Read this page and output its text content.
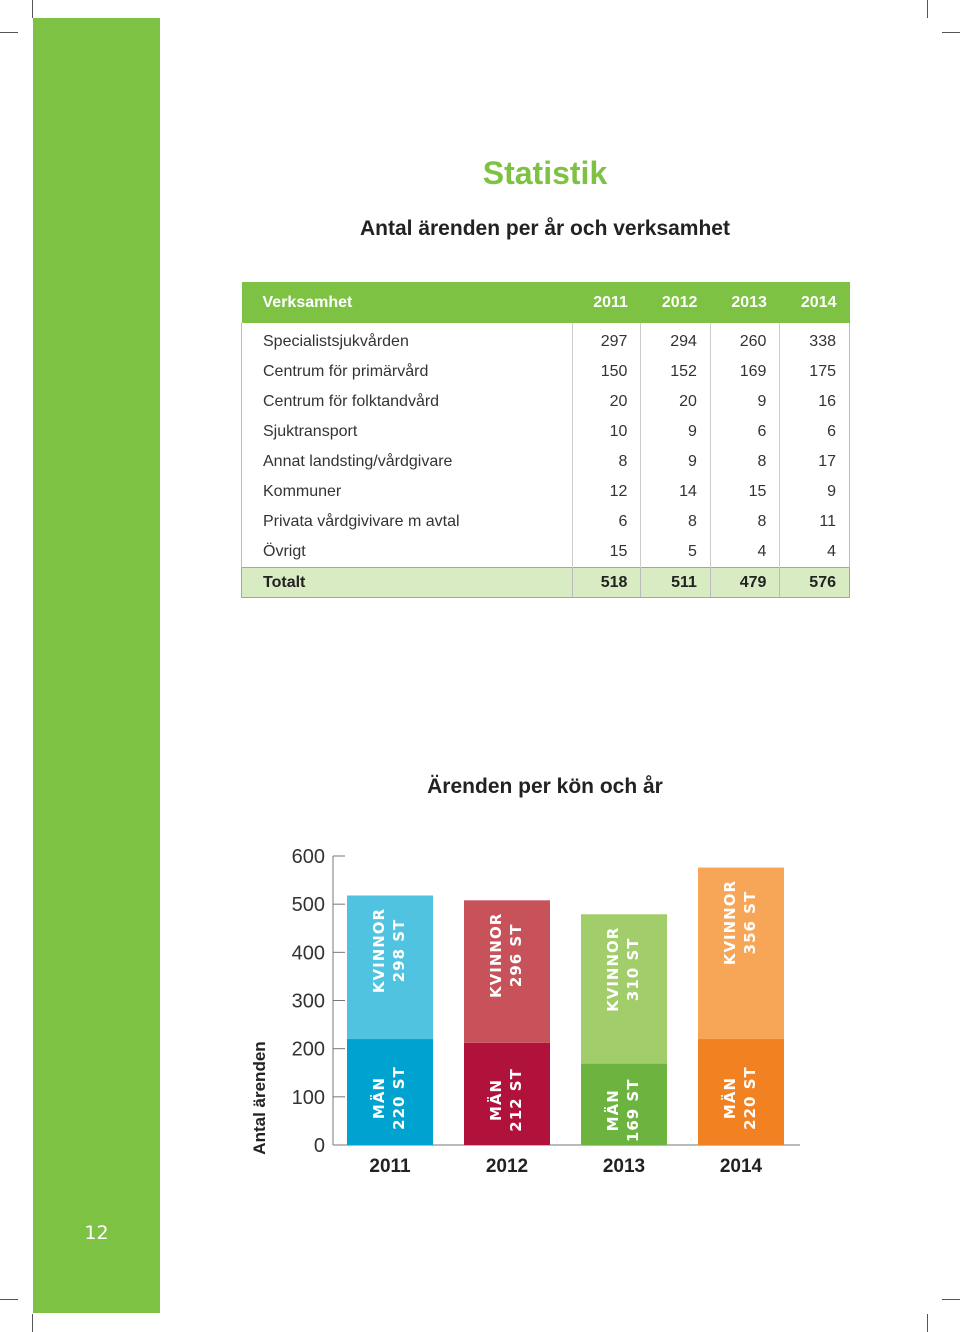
12
Statistik
Antal ärenden per år och verksamhet
Verksamhet	2011	2012	2013	2014

Specialistsjukvården	297	294	260	338
Centrum för primärvård	150	152	169	175
Centrum för folktandvård	20	20	9	16
Sjuktransport	10	9	6	6
Annat landsting/vårdgivare	8	9	8	17
Kommuner	12	14	15	9
Privata vårdgivivare m avtal	6	8	8	11
Övrigt	15	5	4	4
Totalt	518	511	479	576
Ärenden per kön och år
0
100
200
300
400
500
600
Antal ärenden	MÄN 220 ST
KVINNOR 298 ST
2011
MÄN 212 ST
KVINNOR 296 ST
2012
MÄN 169 ST
KVINNOR 310 ST
2013
MÄN 220 ST
KVINNOR 356 ST
2014
